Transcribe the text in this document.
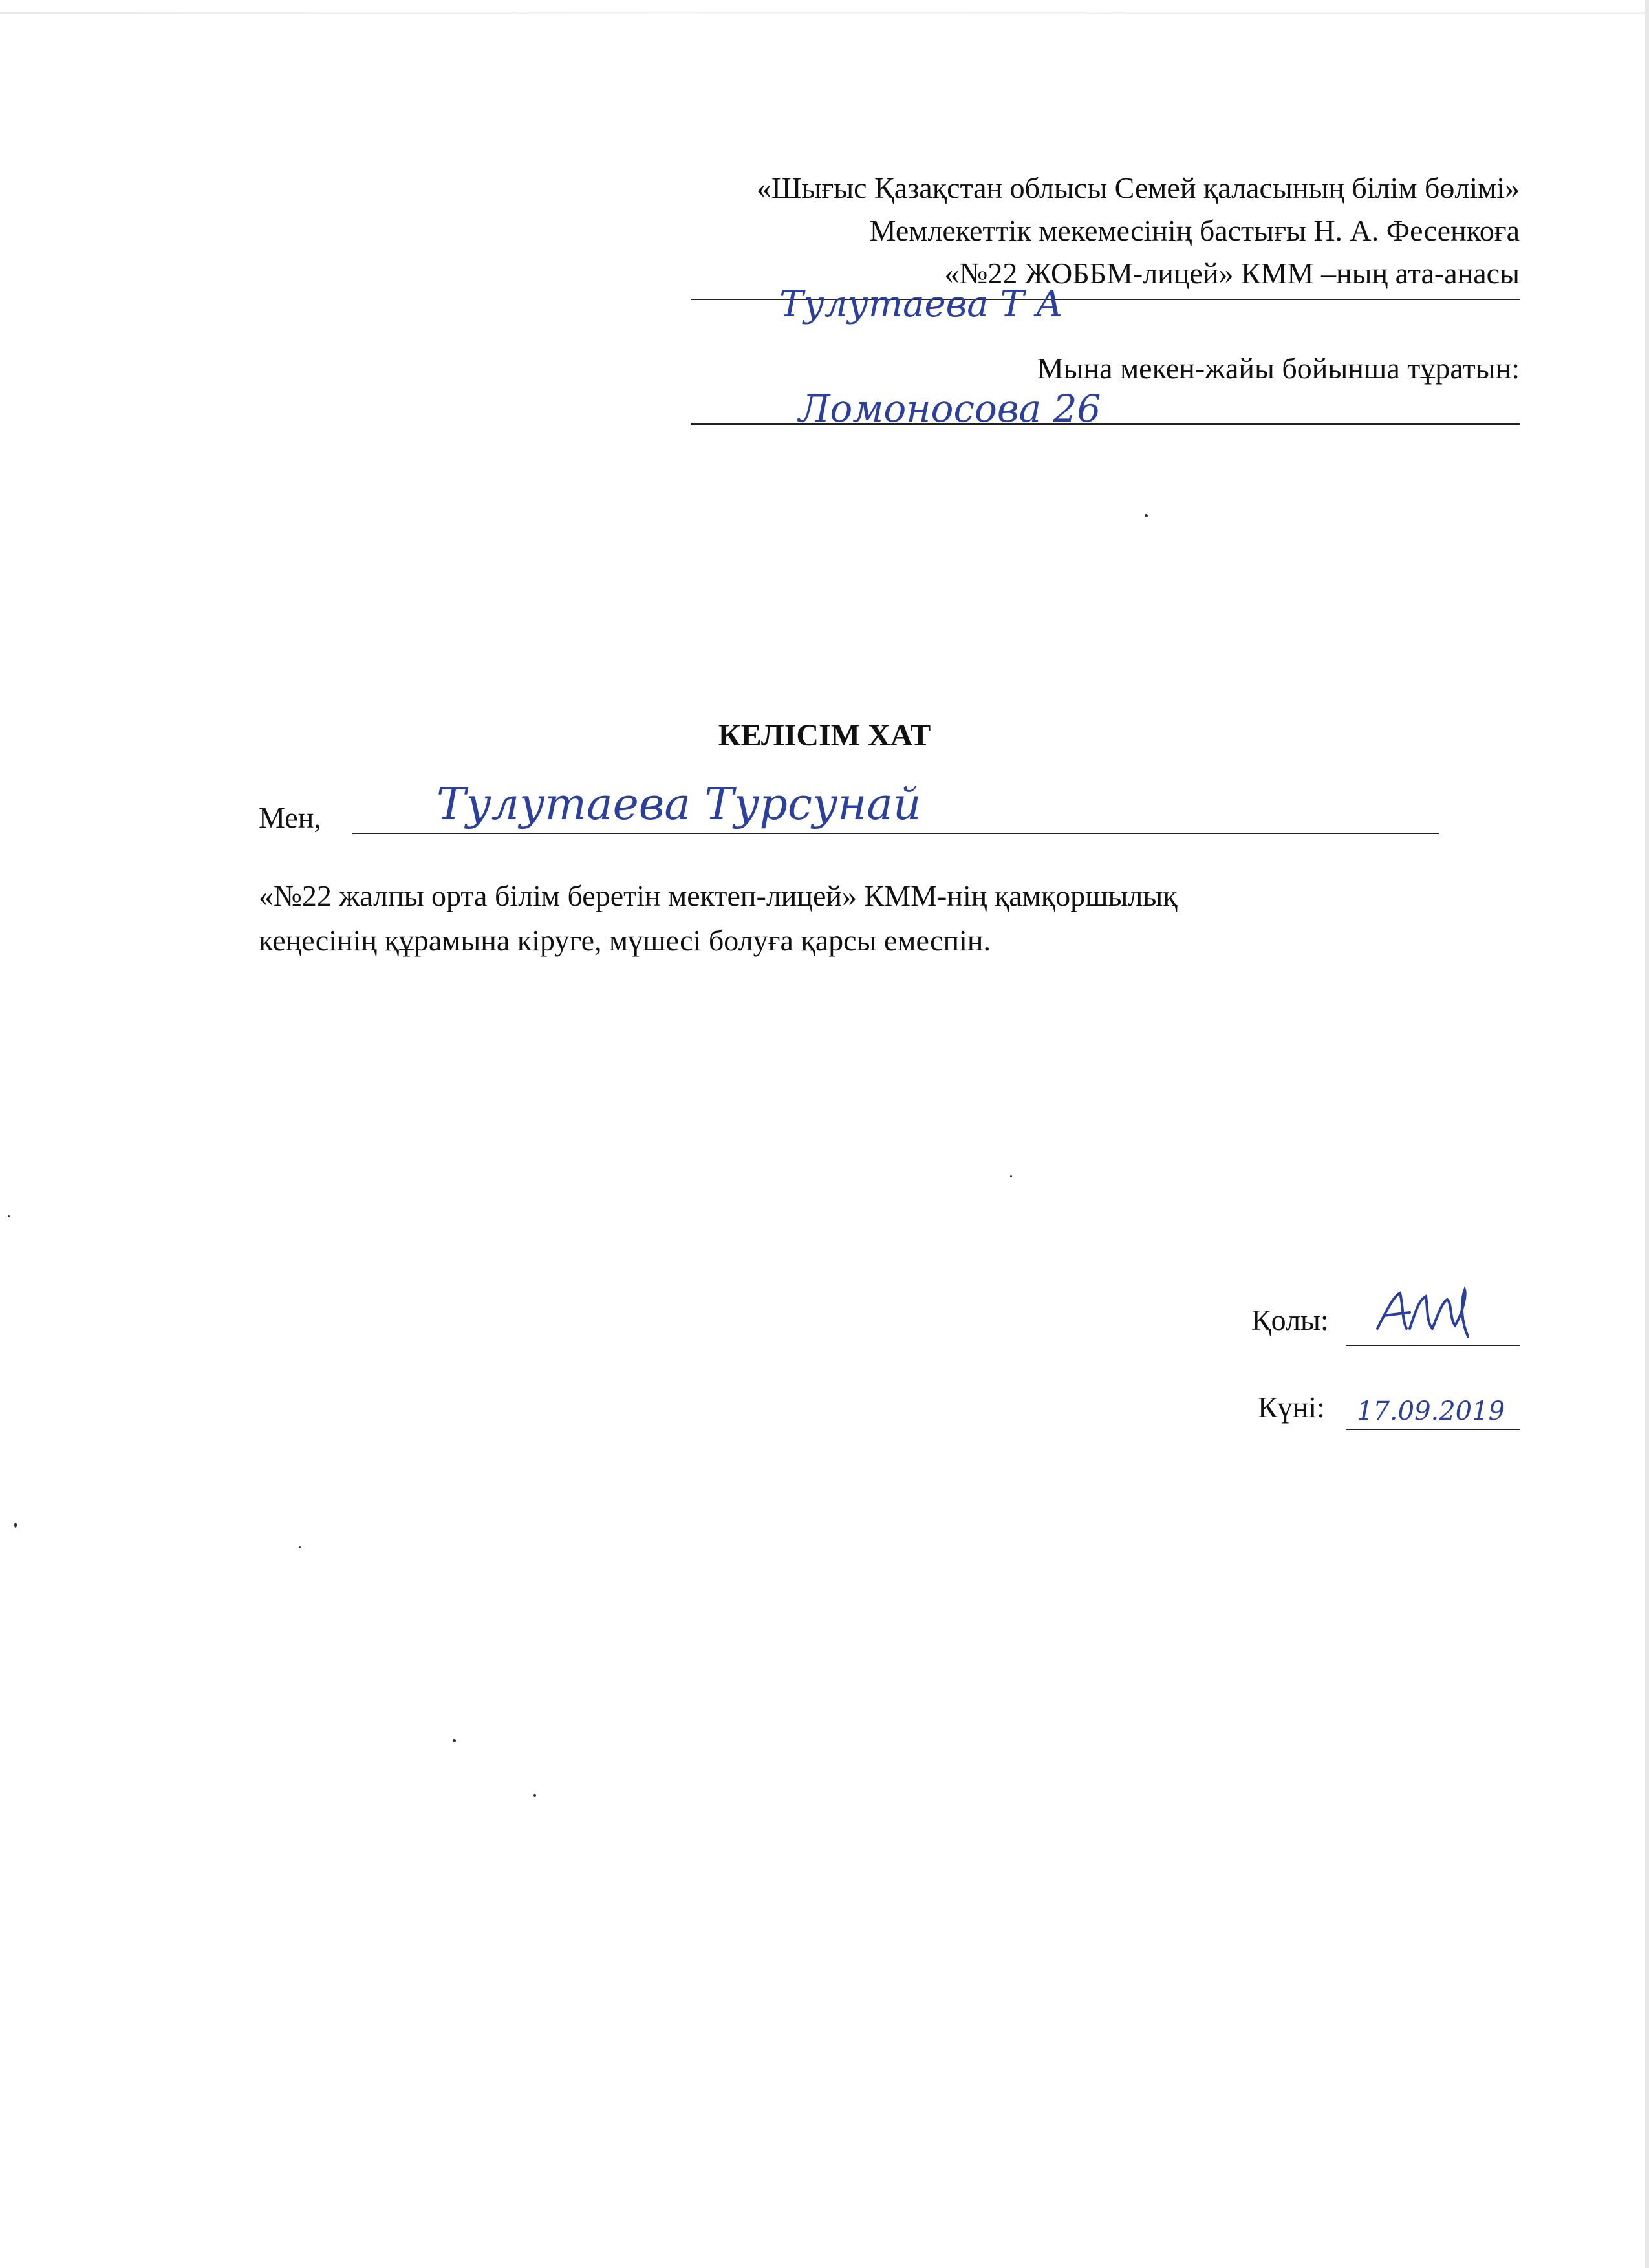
«Шығыс Қазақстан облысы Семей қаласының білім бөлімі»
Мемлекеттік мекемесінің бастығы Н. А. Фесенкоға
«№22 ЖОББМ-лицей» КММ –ның ата-анасы
Тулутаева Т А
Мына мекен-жайы бойынша тұратын:
Ломоносова 26
КЕЛІСІМ ХАТ
Мен,	Тулутаева Турсунай
«№22 жалпы орта білім беретін мектеп-лицей» КММ-нің қамқоршылық
кеңесінің құрамына кіруге, мүшесі болуға қарсы емеспін.
Қолы:
Күні: 17.09.2019
